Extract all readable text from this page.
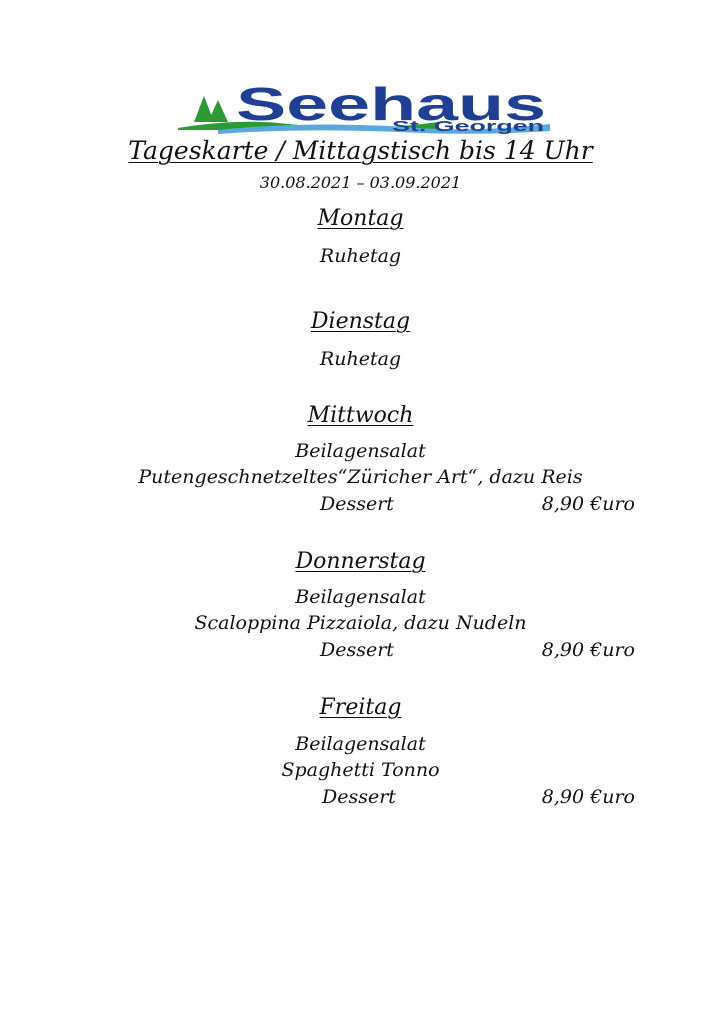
Seehaus
St. Georgen
Tageskarte / Mittagstisch bis 14 Uhr
30.08.2021 – 03.09.2021
Montag
Ruhetag
Dienstag
Ruhetag
Mittwoch
Beilagensalat
Putengeschnetzeltes“Züricher Art“, dazu Reis
Dessert	8,90 €uro
Donnerstag
Beilagensalat
Scaloppina Pizzaiola, dazu Nudeln
Dessert	8,90 €uro
Freitag
Beilagensalat
Spaghetti Tonno
Dessert	8,90 €uro
